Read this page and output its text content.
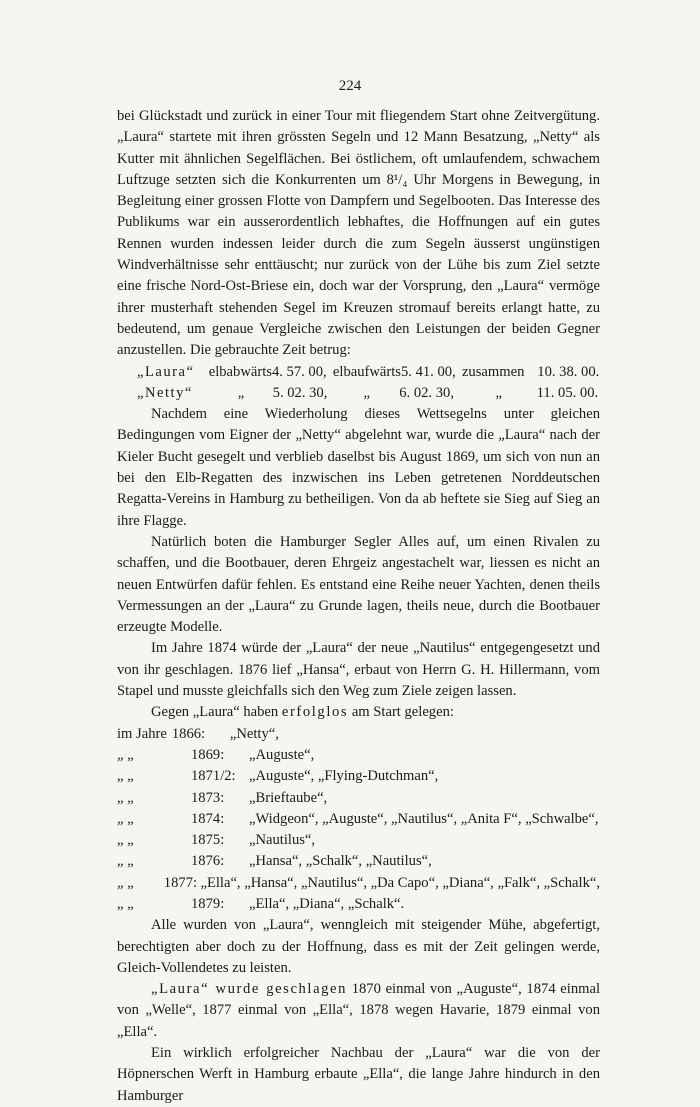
224

bei Glückstadt und zurück in einer Tour mit fliegendem Start ohne Zeitvergütung. „Laura“ startete mit ihren grössten Segeln und 12 Mann Besatzung, „Netty“ als Kutter mit ähnlichen Segelflächen. Bei östlichem, oft umlaufendem, schwachem Luftzuge setzten sich die Konkurrenten um 8¹/₄ Uhr Morgens in Bewegung, in Begleitung einer grossen Flotte von Dampfern und Segelbooten. Das Interesse des Publikums war ein ausserordentlich lebhaftes, die Hoffnungen auf ein gutes Rennen wurden indessen leider durch die zum Segeln äusserst ungünstigen Windverhältnisse sehr enttäuscht; nur zurück von der Lühe bis zum Ziel setzte eine frische Nord-Ost-Briese ein, doch war der Vorsprung, den „Laura“ vermöge ihrer musterhaft stehenden Segel im Kreuzen stromauf bereits erlangt hatte, zu bedeutend, um genaue Vergleiche zwischen den Leistungen der beiden Gegner anzustellen. Die gebrauchte Zeit betrug:

„Laura“ elbabwärts 4. 57. 00, elbaufwärts 5. 41. 00, zusammen 10. 38. 00.
„Netty“	„	5. 02. 30,	„	6. 02. 30,	„	11. 05. 00.

Nachdem eine Wiederholung dieses Wettsegelns unter gleichen Bedingungen vom Eigner der „Netty“ abgelehnt war, wurde die „Laura“ nach der Kieler Bucht gesegelt und verblieb daselbst bis August 1869, um sich von nun an bei den Elb-Regatten des inzwischen ins Leben getretenen Norddeutschen Regatta-Vereins in Hamburg zu betheiligen. Von da ab heftete sie Sieg auf Sieg an ihre Flagge.

Natürlich boten die Hamburger Segler Alles auf, um einen Rivalen zu schaffen, und die Bootbauer, deren Ehrgeiz angestachelt war, liessen es nicht an neuen Entwürfen dafür fehlen. Es entstand eine Reihe neuer Yachten, denen theils Vermessungen an der „Laura“ zu Grunde lagen, theils neue, durch die Bootbauer erzeugte Modelle.

Im Jahre 1874 würde der „Laura“ der neue „Nautilus“ entgegengesetzt und von ihr geschlagen. 1876 lief „Hansa“, erbaut von Herrn G. H. Hillermann, vom Stapel und musste gleichfalls sich den Weg zum Ziele zeigen lassen.

Gegen „Laura“ haben erfolglos am Start gelegen:

im Jahre 1866:	„Netty“,
„ „	1869:	„Auguste“,
„ „	1871/2: „Auguste“, „Flying-Dutchman“,
„ „	1873:	„Brieftaube“,
„ „	1874:	„Widgeon“, „Auguste“, „Nautilus“, „Anita F“, „Schwalbe“,
„ „	1875:	„Nautilus“,
„ „	1876:	„Hansa“, „Schalk“, „Nautilus“,
„ „	1877: „Ella“, „Hansa“, „Nautilus“, „Da Capo“, „Diana“, „Falk“, „Schalk“,
„ „	1879:	„Ella“, „Diana“, „Schalk“.

Alle wurden von „Laura“, wenngleich mit steigender Mühe, abgefertigt, berechtigten aber doch zu der Hoffnung, dass es mit der Zeit gelingen werde, Gleich-Vollendetes zu leisten.

„Laura“ wurde geschlagen 1870 einmal von „Auguste“, 1874 einmal von „Welle“, 1877 einmal von „Ella“, 1878 wegen Havarie, 1879 einmal von „Ella“.

Ein wirklich erfolgreicher Nachbau der „Laura“ war die von der Höpnerschen Werft in Hamburg erbaute „Ella“, die lange Jahre hindurch in den Hamburger
